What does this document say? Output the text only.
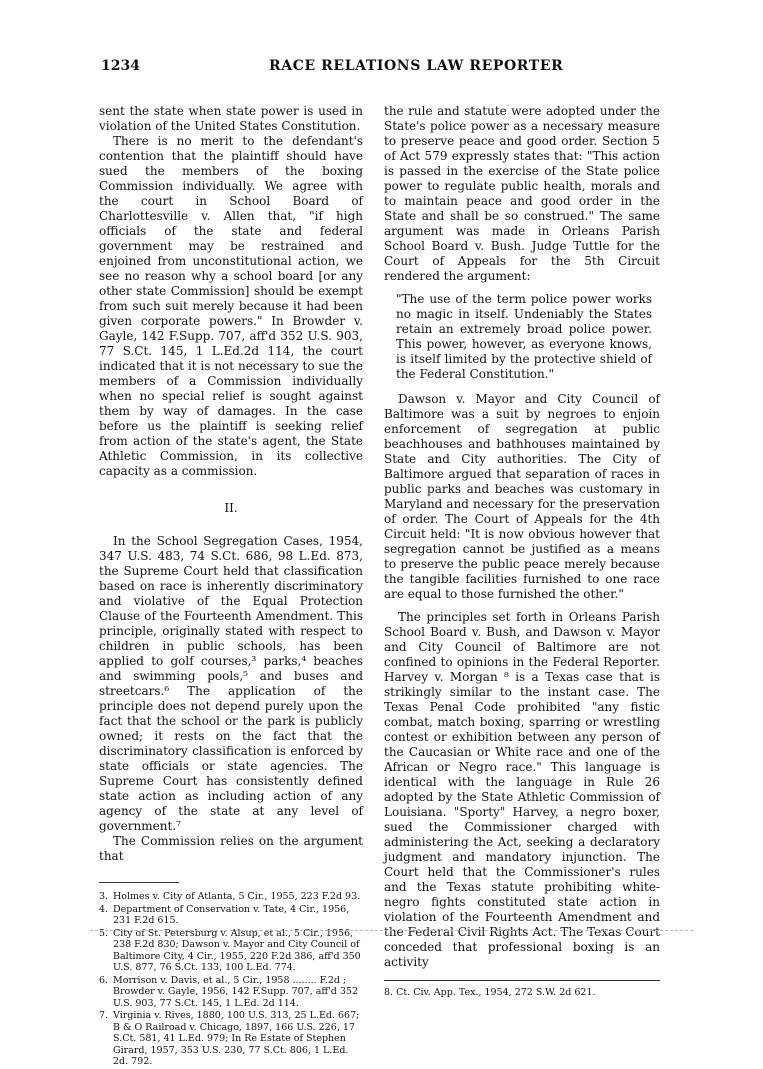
1234	RACE RELATIONS LAW REPORTER

sent the state when state power is used in violation of the United States Constitution.

There is no merit to the defendant's contention that the plaintiff should have sued the members of the boxing Commission individually. We agree with the court in School Board of Charlottesville v. Allen that, "if high officials of the state and federal government may be restrained and enjoined from unconstitutional action, we see no reason why a school board [or any other state Commission] should be exempt from such suit merely because it had been given corporate powers." In Browder v. Gayle, 142 F.Supp. 707, aff'd 352 U.S. 903, 77 S.Ct. 145, 1 L.Ed.2d 114, the court indicated that it is not necessary to sue the members of a Commission individually when no special relief is sought against them by way of damages. In the case before us the plaintiff is seeking relief from action of the state's agent, the State Athletic Commission, in its collective capacity as a commission.

II.

In the School Segregation Cases, 1954, 347 U.S. 483, 74 S.Ct. 686, 98 L.Ed. 873, the Supreme Court held that classification based on race is inherently discriminatory and violative of the Equal Protection Clause of the Fourteenth Amendment. This principle, originally stated with respect to children in public schools, has been applied to golf courses,³ parks,⁴ beaches and swimming pools,⁵ and buses and streetcars.⁶ The application of the principle does not depend purely upon the fact that the school or the park is publicly owned; it rests on the fact that the discriminatory classification is enforced by state officials or state agencies. The Supreme Court has consistently defined state action as including action of any agency of the state at any level of government.⁷

The Commission relies on the argument that

3. Holmes v. City of Atlanta, 5 Cir., 1955, 223 F.2d 93.
4. Department of Conservation v. Tate, 4 Cir., 1956, 231 F.2d 615.
5. City of St. Petersburg v. Alsup, et al., 5 Cir., 1956, 238 F.2d 830; Dawson v. Mayor and City Council of Baltimore City, 4 Cir., 1955, 220 F.2d 386, aff'd 350 U.S. 877, 76 S.Ct. 133, 100 L.Ed. 774.
6. Morrison v. Davis, et al., 5 Cir., 1958 ........ F.2d ; Browder v. Gayle, 1956, 142 F.Supp. 707, aff'd 352 U.S. 903, 77 S.Ct. 145, 1 L.Ed. 2d 114.
7. Virginia v. Rives, 1880, 100 U.S. 313, 25 L.Ed. 667; B & O Railroad v. Chicago, 1897, 166 U.S. 226, 17 S.Ct. 581, 41 L.Ed. 979; In Re Estate of Stephen Girard, 1957, 353 U.S. 230, 77 S.Ct. 806, 1 L.Ed. 2d. 792.

the rule and statute were adopted under the State's police power as a necessary measure to preserve peace and good order. Section 5 of Act 579 expressly states that: "This action is passed in the exercise of the State police power to regulate public health, morals and to maintain peace and good order in the State and shall be so construed." The same argument was made in Orleans Parish School Board v. Bush. Judge Tuttle for the Court of Appeals for the 5th Circuit rendered the argument:

"The use of the term police power works no magic in itself. Undeniably the States retain an extremely broad police power. This power, however, as everyone knows, is itself limited by the protective shield of the Federal Constitution."

Dawson v. Mayor and City Council of Baltimore was a suit by negroes to enjoin enforcement of segregation at public beachhouses and bathhouses maintained by State and City authorities. The City of Baltimore argued that separation of races in public parks and beaches was customary in Maryland and necessary for the preservation of order. The Court of Appeals for the 4th Circuit held: "It is now obvious however that segregation cannot be justified as a means to preserve the public peace merely because the tangible facilities furnished to one race are equal to those furnished the other."

The principles set forth in Orleans Parish School Board v. Bush, and Dawson v. Mayor and City Council of Baltimore are not confined to opinions in the Federal Reporter. Harvey v. Morgan ⁸ is a Texas case that is strikingly similar to the instant case. The Texas Penal Code prohibited "any fistic combat, match boxing, sparring or wrestling contest or exhibition between any person of the Caucasian or White race and one of the African or Negro race." This language is identical with the language in Rule 26 adopted by the State Athletic Commission of Louisiana. "Sporty" Harvey, a negro boxer, sued the Commissioner charged with administering the Act, seeking a declaratory judgment and mandatory injunction. The Court held that the Commissioner's rules and the Texas statute prohibiting white-negro fights constituted state action in violation of the Fourteenth Amendment and the Federal Civil Rights Act. The Texas Court conceded that professional boxing is an activity

8. Ct. Civ. App. Tex., 1954, 272 S.W. 2d 621.
